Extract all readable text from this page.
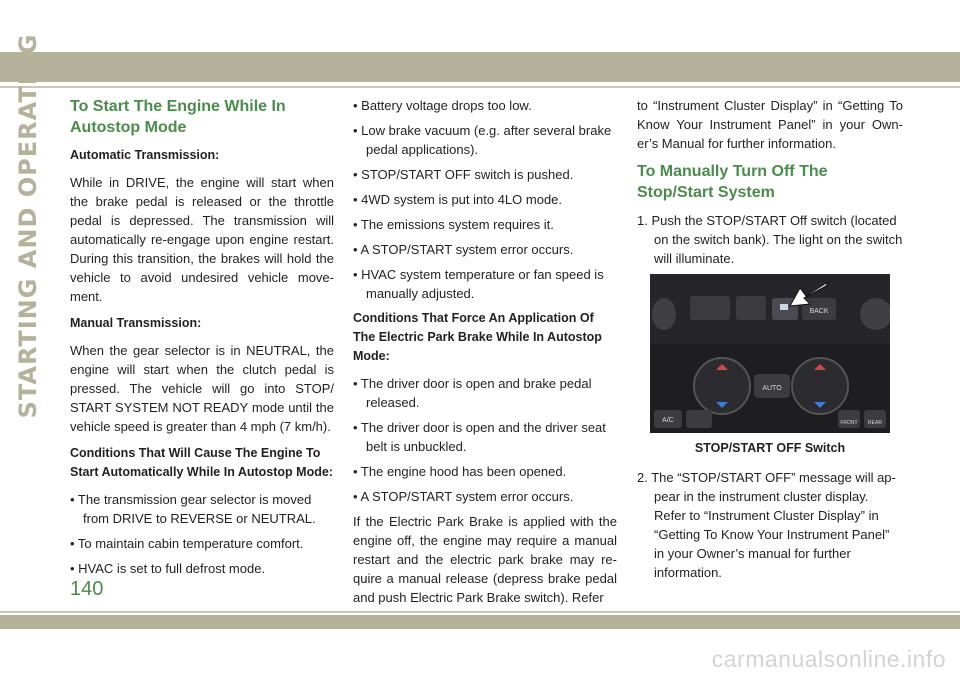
STARTING AND OPERATING To Start The Engine While In Autostop Mode
Automatic Transmission:

While in DRIVE, the engine will start when the brake pedal is released or the throttle pedal is depressed. The transmission will automatically re-engage upon engine restart. During this transition, the brakes will hold the vehicle to avoid undesired vehicle move- ment.

Manual Transmission:

When the gear selector is in NEUTRAL, the engine will start when the clutch pedal is pressed. The vehicle will go into STOP/ START SYSTEM NOT READY mode until the vehicle speed is greater than 4 mph (7 km/h).

Conditions That Will Cause The Engine To Start Automatically While In Autostop Mode:
• The transmission gear selector is moved from DRIVE to REVERSE or NEUTRAL.
• To maintain cabin temperature comfort.
• HVAC is set to full defrost mode.
• Battery voltage drops too low.
• Low brake vacuum (e.g. after several brake pedal applications).
• STOP/START OFF switch is pushed.
• 4WD system is put into 4LO mode.
• The emissions system requires it.
• A STOP/START system error occurs.
• HVAC system temperature or fan speed is manually adjusted.
Conditions That Force An Application Of The Electric Park Brake While In Autostop Mode:
• The driver door is open and brake pedal released.
• The driver door is open and the driver seat belt is unbuckled.
• The engine hood has been opened.
• A STOP/START system error occurs.

If the Electric Park Brake is applied with the engine off, the engine may require a manual restart and the electric park brake may re- quire a manual release (depress brake pedal and push Electric Park Brake switch). Refer

to “Instrument Cluster Display” in “Getting To Know Your Instrument Panel” in your Own- er’s Manual for further information.

To Manually Turn Off The Stop/Start System
1. Push the STOP/START Off switch (located on the switch bank). The light on the switch will illuminate.
BACK
AUTO
A/C	FRONT REAR
STOP/START OFF Switch
2. The “STOP/START OFF” message will ap- pear in the instrument cluster display. Refer to “Instrument Cluster Display” in “Getting To Know Your Instrument Panel” in your Owner’s manual for further information.
140
carmanualsonline.info
